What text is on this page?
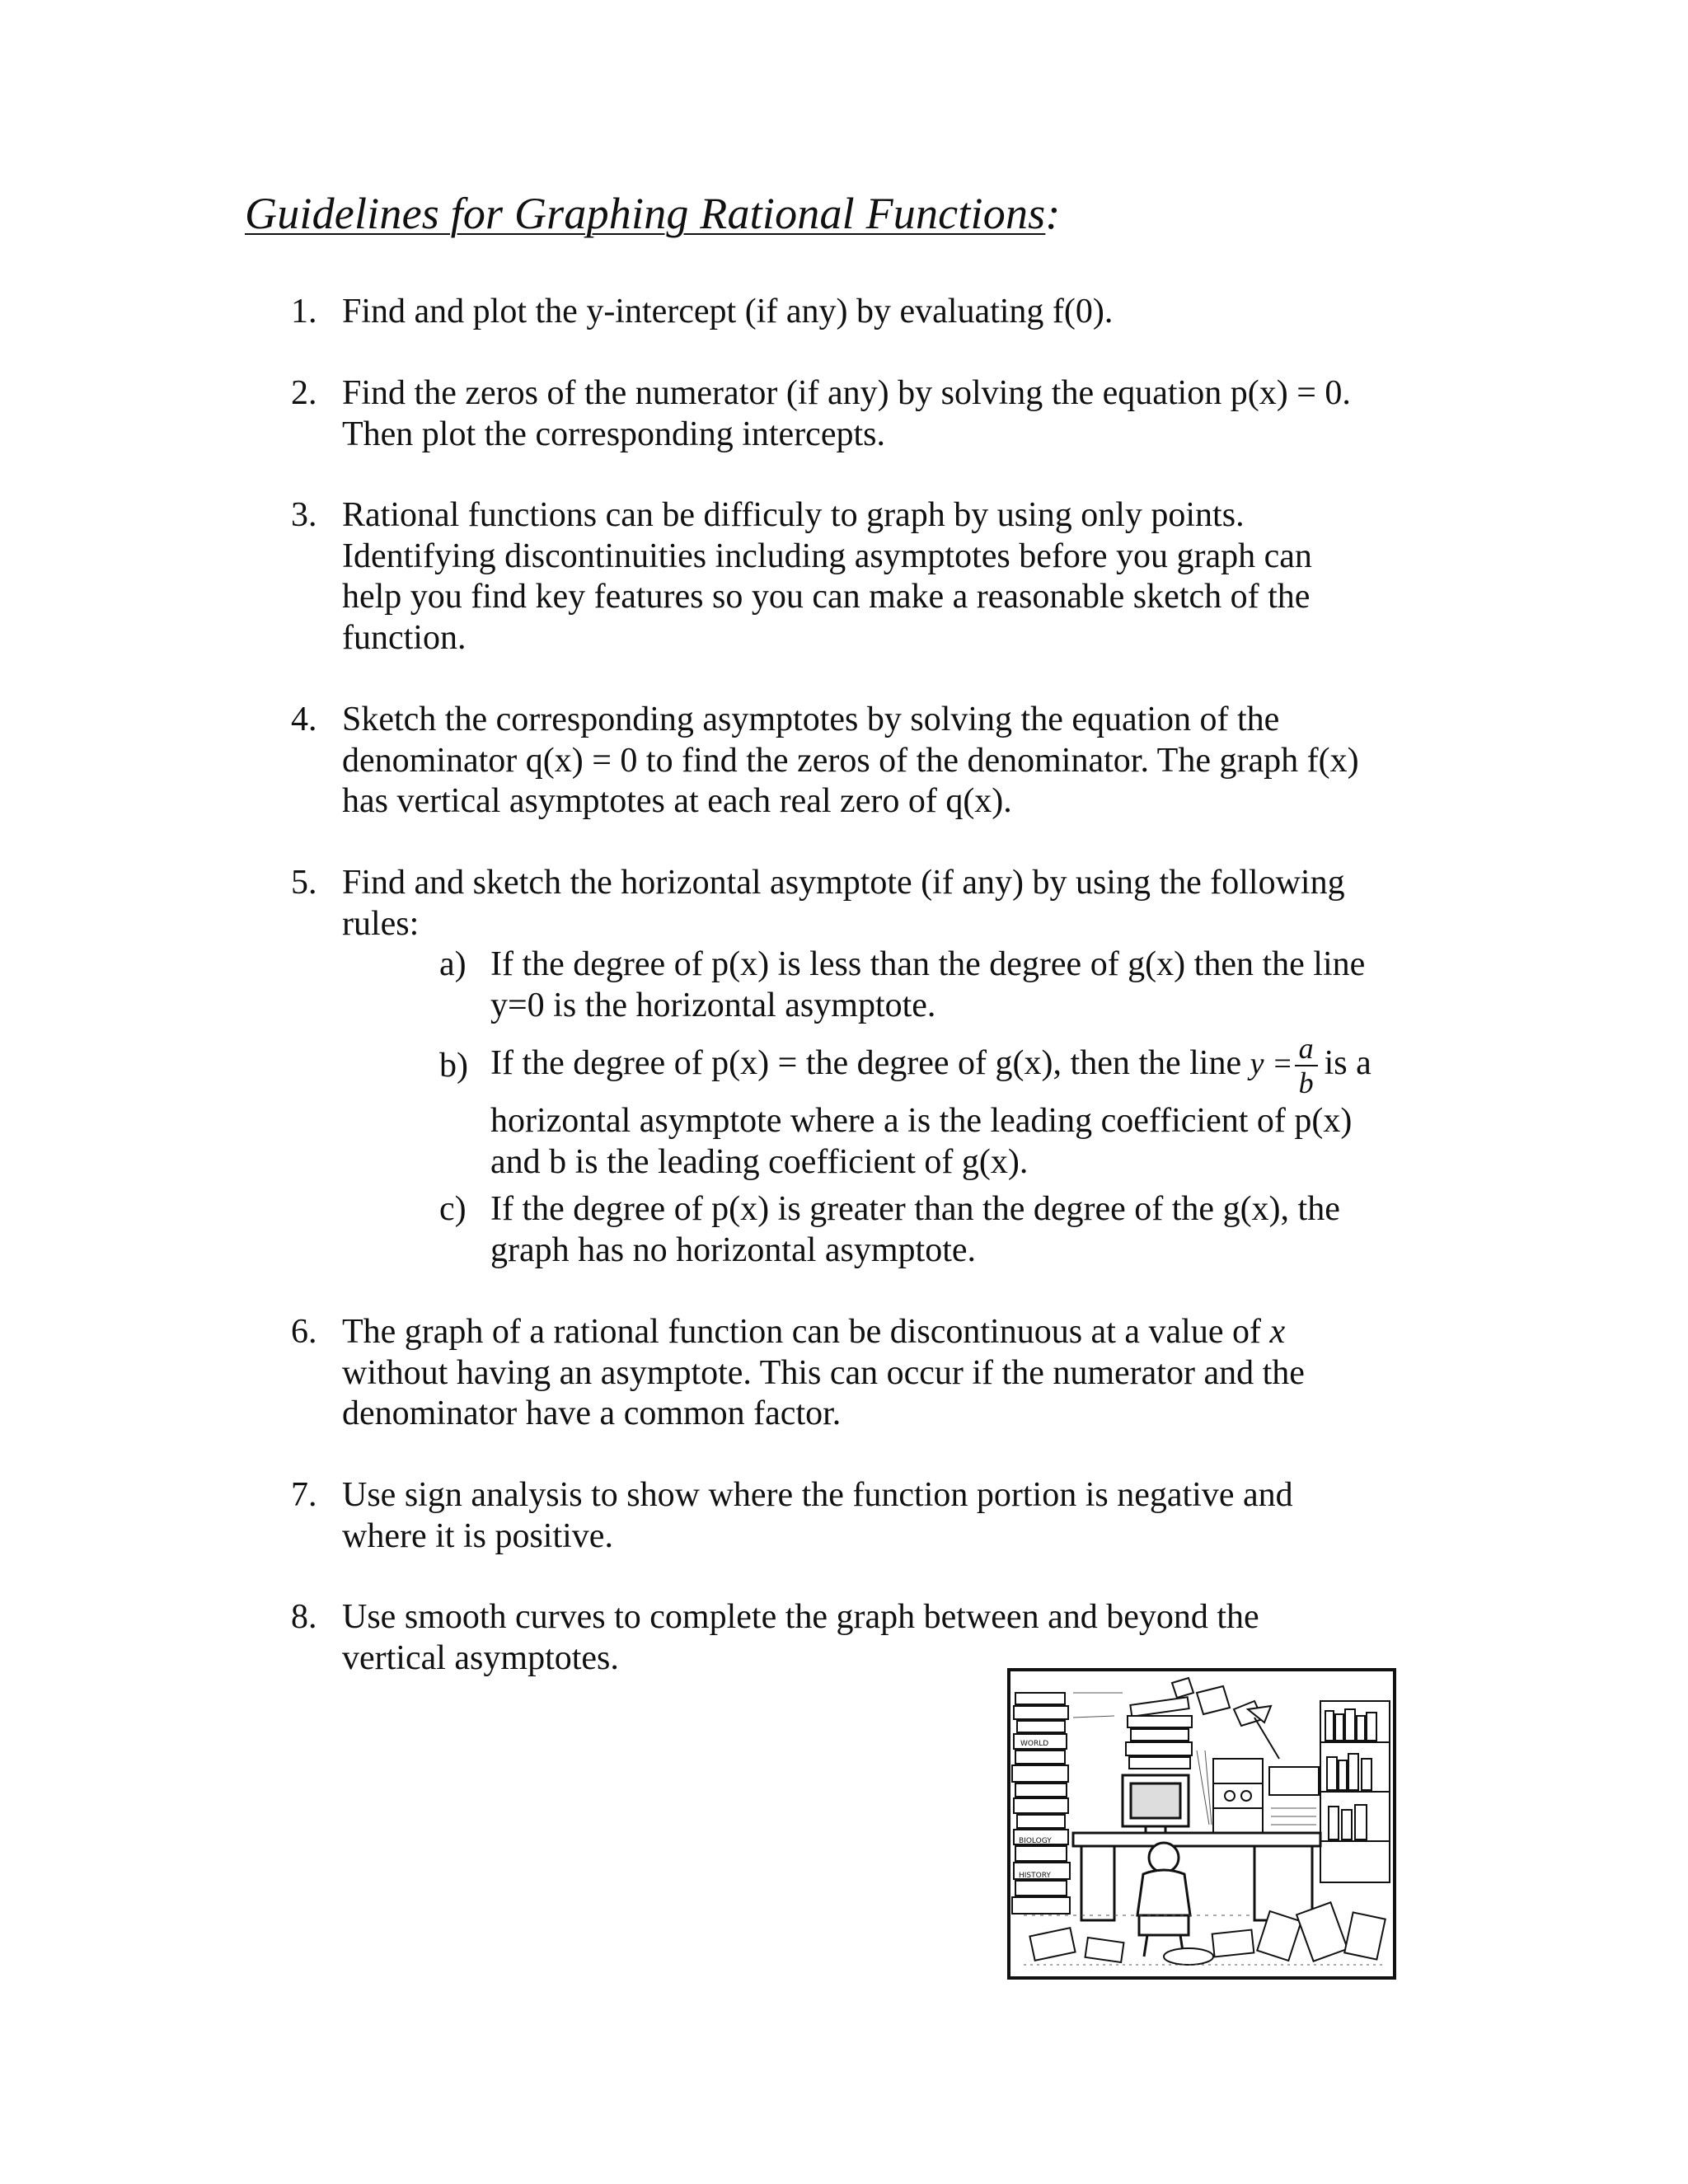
Guidelines for Graphing Rational Functions:
1. Find and plot the y-intercept (if any) by evaluating f(0).
2. Find the zeros of the numerator (if any) by solving the equation p(x) = 0.
Then plot the corresponding intercepts.
3. Rational functions can be difficuly to graph by using only points.
Identifying discontinuities including asymptotes before you graph can
help you find key features so you can make a reasonable sketch of the
function.
4. Sketch the corresponding asymptotes by solving the equation of the
denominator q(x) = 0 to find the zeros of the denominator. The graph f(x)
has vertical asymptotes at each real zero of q(x).
5. Find and sketch the horizontal asymptote (if any) by using the following
rules:
a) If the degree of p(x) is less than the degree of g(x) then the line
y=0 is the horizontal asymptote.
b) If the degree of p(x) = the degree of g(x), then the line $y = \frac{a}{b}$ is a
horizontal asymptote where a is the leading coefficient of p(x)
and b is the leading coefficient of g(x).
c) If the degree of p(x) is greater than the degree of the g(x), the
graph has no horizontal asymptote.
6. The graph of a rational function can be discontinuous at a value of x
without having an asymptote. This can occur if the numerator and the
denominator have a common factor.
7. Use sign analysis to show where the function portion is negative and
where it is positive.
8. Use smooth curves to complete the graph between and beyond the
vertical asymptotes.
WORLD
BIOLOGY
HISTORY
